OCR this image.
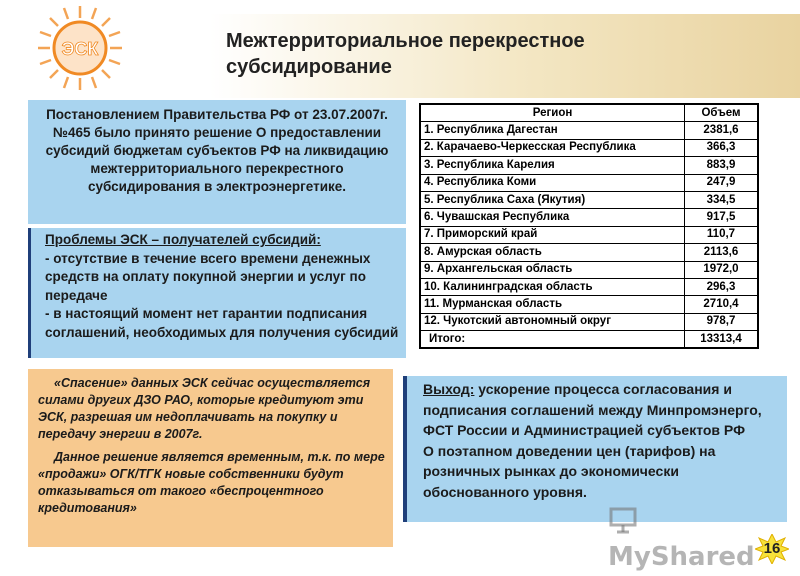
ЭСК	Межтерриториальное перекрестное
субсидирование
Постановлением Правительства РФ от 23.07.2007г. №465 было принято решение О предоставлении субсидий бюджетам субъектов РФ на ликвидацию межтерриториального перекрестного субсидирования в электроэнергетике.
Проблемы ЭСК – получателей субсидий:
- отсутствие в течение всего времени денежных средств на оплату покупной энергии и услуг по передаче
- в настоящий момент нет гарантии подписания соглашений, необходимых для получения субсидий

«Спасение» данных ЭСК сейчас осуществляется силами других ДЗО РАО, которые кредитуют эти ЭСК, разрешая им недоплачивать на покупку и передачу энергии в 2007г.

Данное решение является временным, т.к. по мере «продажи» ОГК/ТГК новые собственники будут отказываться от такого «беспроцентного кредитования»

Выход: ускорение процесса согласования и подписания соглашений между Минпромэнерго, ФСТ России и Администрацией субъектов РФ
О поэтапном доведении цен (тарифов) на розничных рынках до экономически обоснованного уровня.
Регион	Объем
1. Республика Дагестан	2381,6
2. Карачаево-Черкесская Республика	366,3
3. Республика Карелия	883,9
4. Республика Коми	247,9
5. Республика Саха (Якутия)	334,5
6. Чувашская Республика	917,5
7. Приморский край	110,7
8. Амурская область	2113,6
9. Архангельская область	1972,0
10. Калининградская область	296,3
11. Мурманская область	2710,4
12. Чукотский автономный округ	978,7
Итого:	13313,4
MyShared 16
